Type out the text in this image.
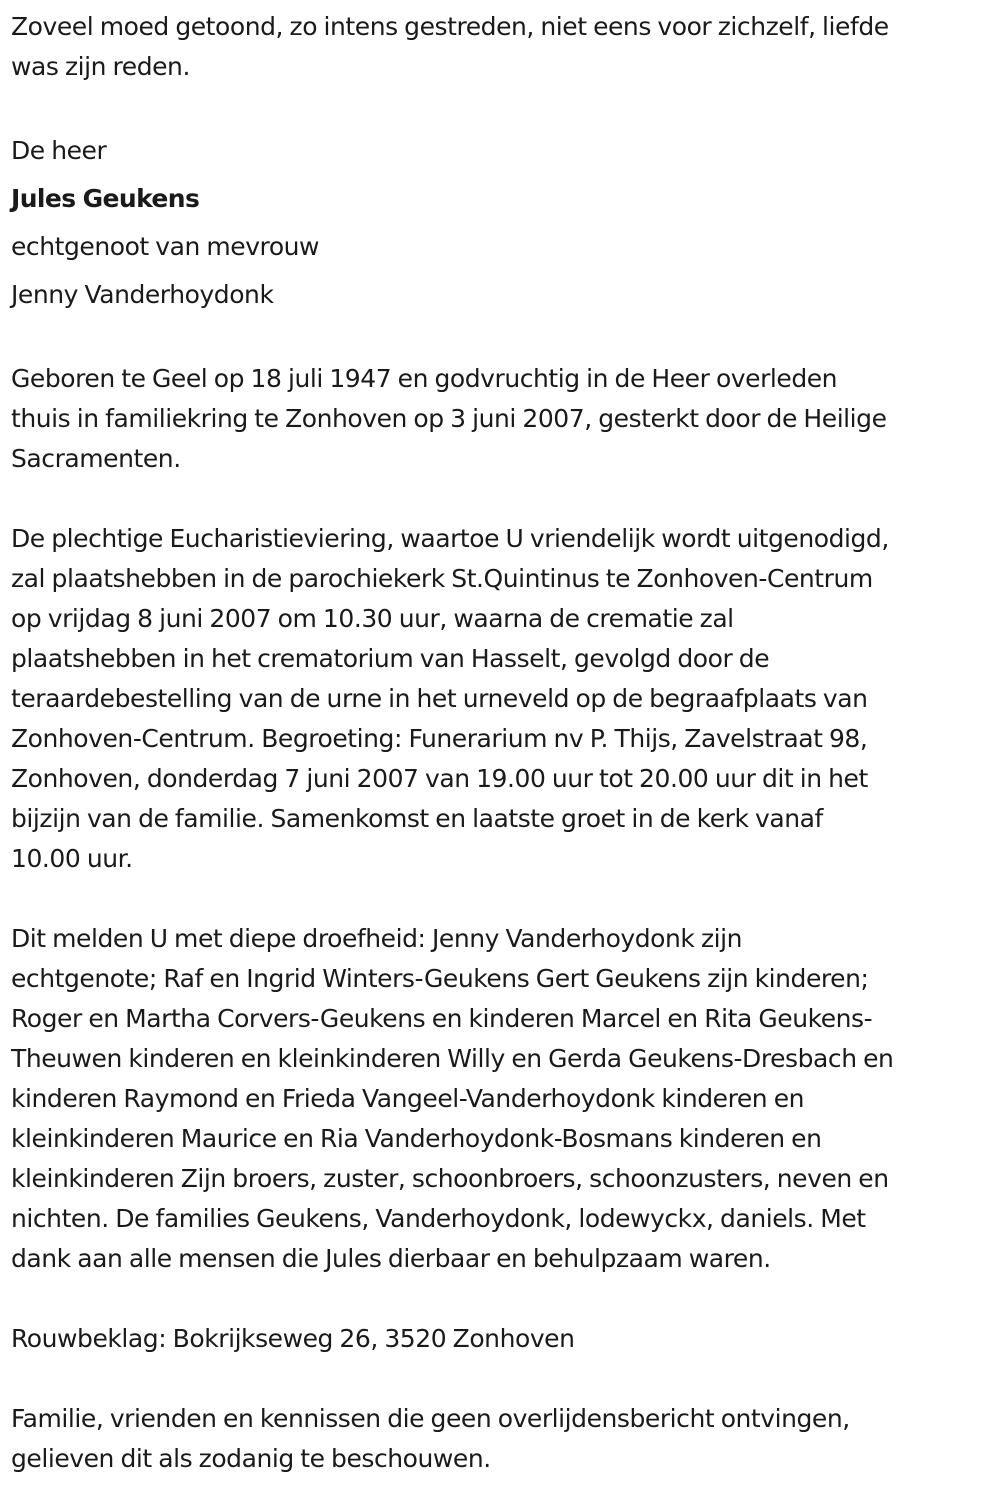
Zoveel moed getoond, zo intens gestreden, niet eens voor zichzelf, liefde
was zijn reden.

De heer
Jules Geukens
echtgenoot van mevrouw
Jenny Vanderhoydonk

Geboren te Geel op 18 juli 1947 en godvruchtig in de Heer overleden
thuis in familiekring te Zonhoven op 3 juni 2007, gesterkt door de Heilige
Sacramenten.

De plechtige Eucharistieviering, waartoe U vriendelijk wordt uitgenodigd,
zal plaatshebben in de parochiekerk St.Quintinus te Zonhoven-Centrum
op vrijdag 8 juni 2007 om 10.30 uur, waarna de crematie zal
plaatshebben in het crematorium van Hasselt, gevolgd door de
teraardebestelling van de urne in het urneveld op de begraafplaats van
Zonhoven-Centrum. Begroeting: Funerarium nv P. Thijs, Zavelstraat 98,
Zonhoven, donderdag 7 juni 2007 van 19.00 uur tot 20.00 uur dit in het
bijzijn van de familie. Samenkomst en laatste groet in de kerk vanaf
10.00 uur.

Dit melden U met diepe droefheid: Jenny Vanderhoydonk zijn
echtgenote; Raf en Ingrid Winters-Geukens Gert Geukens zijn kinderen;
Roger en Martha Corvers-Geukens en kinderen Marcel en Rita Geukens-
Theuwen kinderen en kleinkinderen Willy en Gerda Geukens-Dresbach en
kinderen Raymond en Frieda Vangeel-Vanderhoydonk kinderen en
kleinkinderen Maurice en Ria Vanderhoydonk-Bosmans kinderen en
kleinkinderen Zijn broers, zuster, schoonbroers, schoonzusters, neven en
nichten. De families Geukens, Vanderhoydonk, lodewyckx, daniels. Met
dank aan alle mensen die Jules dierbaar en behulpzaam waren.

Rouwbeklag: Bokrijkseweg 26, 3520 Zonhoven

Familie, vrienden en kennissen die geen overlijdensbericht ontvingen,
gelieven dit als zodanig te beschouwen.
